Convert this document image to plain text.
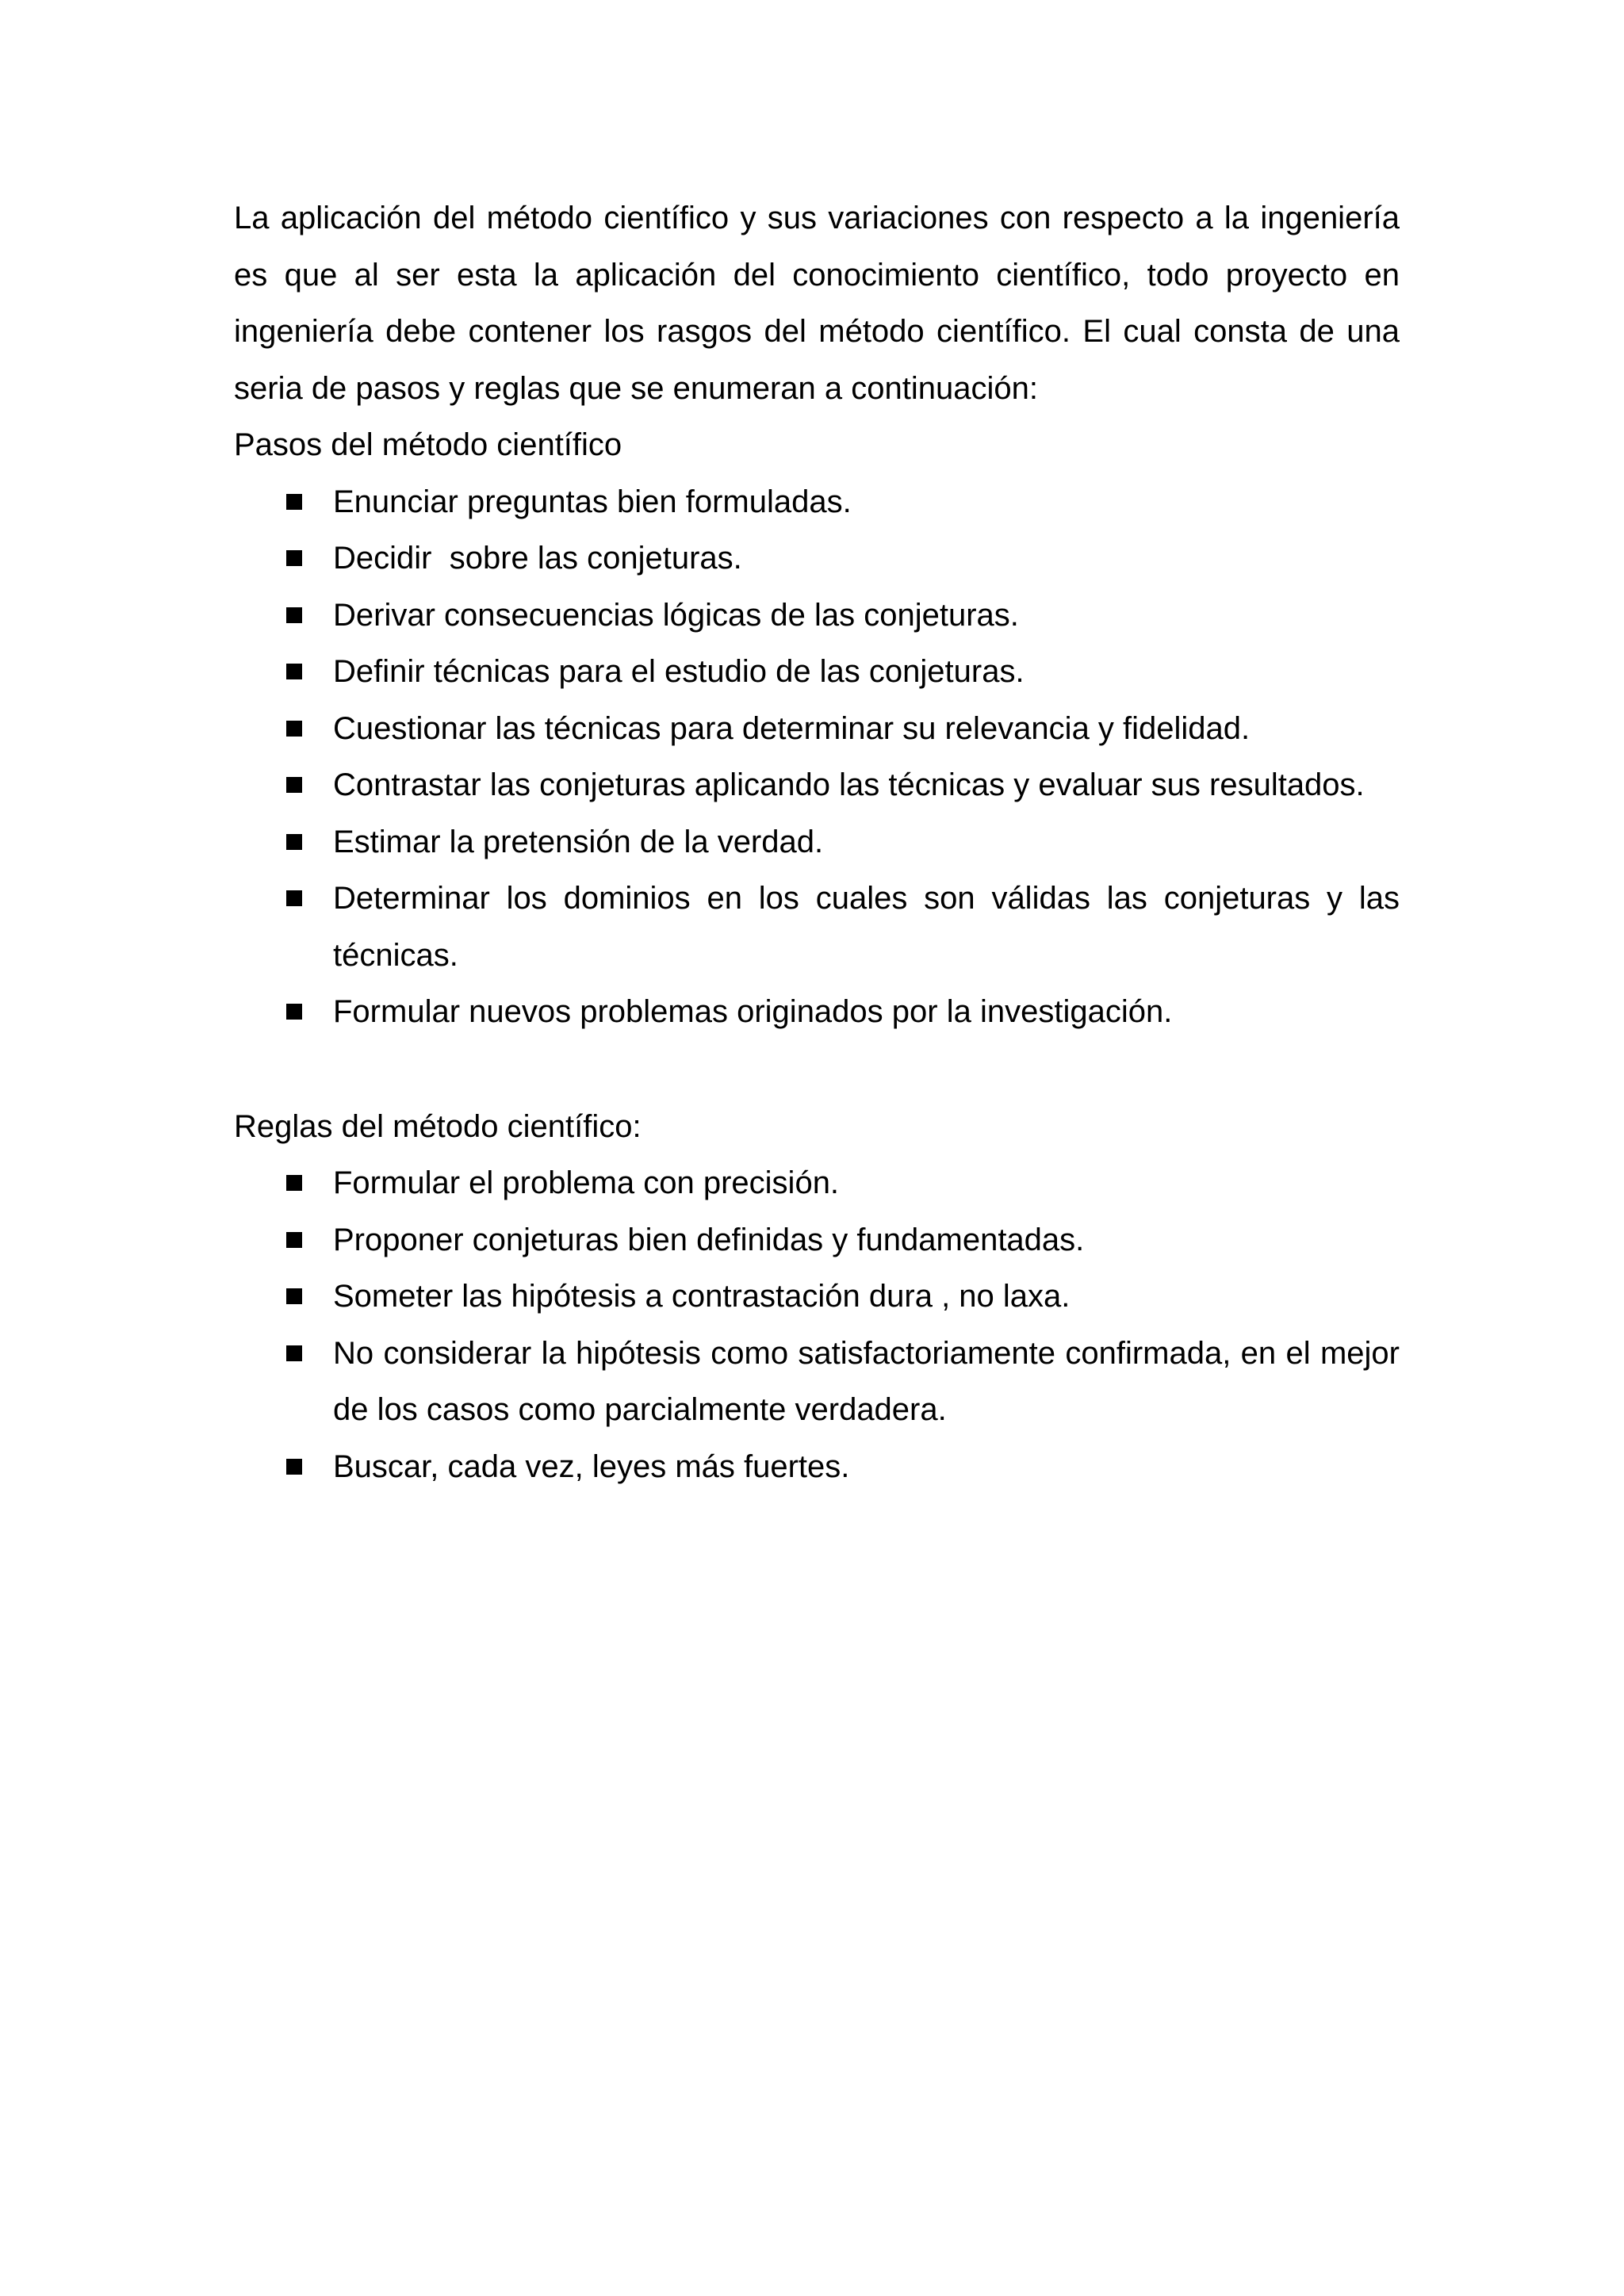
La aplicación del método científico y sus variaciones con respecto a la ingeniería es que al ser esta la aplicación del conocimiento científico, todo proyecto en ingeniería debe contener los rasgos del método científico. El cual consta de una seria de pasos y reglas que se enumeran a continuación:

Pasos del método científico
Enunciar preguntas bien formuladas.
Decidir  sobre las conjeturas.
Derivar consecuencias lógicas de las conjeturas.
Definir técnicas para el estudio de las conjeturas.
Cuestionar las técnicas para determinar su relevancia y fidelidad.
Contrastar las conjeturas aplicando las técnicas y evaluar sus resultados.
Estimar la pretensión de la verdad.
Determinar los dominios en los cuales son válidas las conjeturas y las técnicas.
Formular nuevos problemas originados por la investigación.
Reglas del método científico:
Formular el problema con precisión.
Proponer conjeturas bien definidas y fundamentadas.
Someter las hipótesis a contrastación dura , no laxa.
No considerar la hipótesis como satisfactoriamente confirmada, en el mejor de los casos como parcialmente verdadera.
Buscar, cada vez, leyes más fuertes.
